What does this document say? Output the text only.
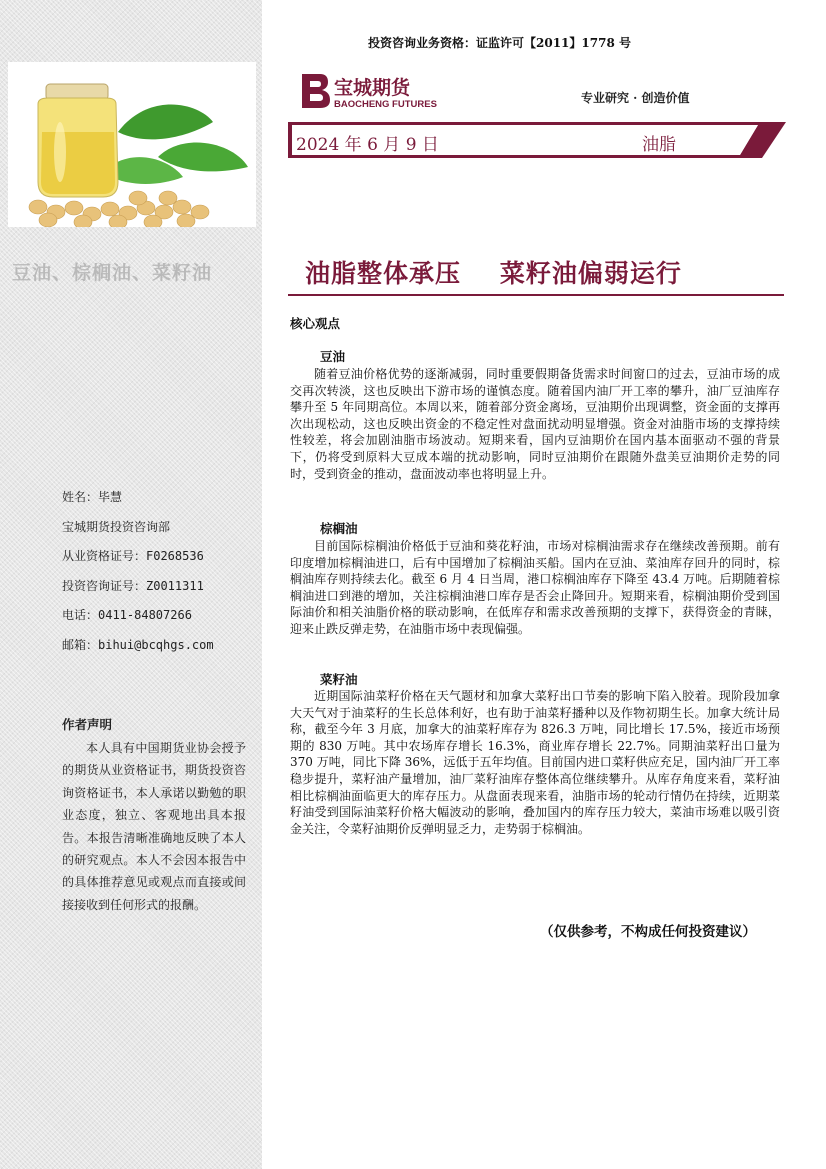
豆油、棕榈油、菜籽油
姓名：毕慧
宝城期货投资咨询部
从业资格证号：F0268536
投资咨询证号：Z0011311
电话：0411-84807266
邮箱：bihui@bcqhgs.com
作者声明
本人具有中国期货业协会授予的期货从业资格证书，期货投资咨询资格证书，本人承诺以勤勉的职业态度，独立、客观地出具本报告。本报告清晰准确地反映了本人的研究观点。本人不会因本报告中的具体推荐意见或观点而直接或间接接收到任何形式的报酬。
投资咨询业务资格：证监许可【2011】1778 号
宝城期货
BAOCHENG FUTURES	专业研究 · 创造价值
2024 年 6 月 9 日	油脂
油脂整体承压    菜籽油偏弱运行
核心观点
豆油
随着豆油价格优势的逐渐减弱，同时重要假期备货需求时间窗口的过去，豆油市场的成交再次转淡，这也反映出下游市场的谨慎态度。随着国内油厂开工率的攀升，油厂豆油库存攀升至 5 年同期高位。本周以来，随着部分资金离场，豆油期价出现调整，资金面的支撑再次出现松动，这也反映出资金的不稳定性对盘面扰动明显增强。资金对油脂市场的支撑持续性较差，将会加剧油脂市场波动。短期来看，国内豆油期价在国内基本面驱动不强的背景下，仍将受到原料大豆成本端的扰动影响，同时豆油期价在跟随外盘美豆油期价走势的同时，受到资金的推动，盘面波动率也将明显上升。
棕榈油
目前国际棕榈油价格低于豆油和葵花籽油，市场对棕榈油需求存在继续改善预期。前有印度增加棕榈油进口，后有中国增加了棕榈油买船。国内在豆油、菜油库存回升的同时，棕榈油库存则持续去化。截至 6 月 4 日当周，港口棕榈油库存下降至 43.4 万吨。后期随着棕榈油进口到港的增加，关注棕榈油港口库存是否会止降回升。短期来看，棕榈油期价受到国际油价和相关油脂价格的联动影响，在低库存和需求改善预期的支撑下，获得资金的青睐，迎来止跌反弹走势，在油脂市场中表现偏强。
菜籽油
近期国际油菜籽价格在天气题材和加拿大菜籽出口节奏的影响下陷入胶着。现阶段加拿大天气对于油菜籽的生长总体利好，也有助于油菜籽播种以及作物初期生长。加拿大统计局称，截至今年 3 月底，加拿大的油菜籽库存为 826.3 万吨，同比增长 17.5%，接近市场预期的 830 万吨。其中农场库存增长 16.3%，商业库存增长 22.7%。同期油菜籽出口量为 370 万吨，同比下降 36%，远低于五年均值。目前国内进口菜籽供应充足，国内油厂开工率稳步提升，菜籽油产量增加，油厂菜籽油库存整体高位继续攀升。从库存角度来看，菜籽油相比棕榈油面临更大的库存压力。从盘面表现来看，油脂市场的轮动行情仍在持续，近期菜籽油受到国际油菜籽价格大幅波动的影响，叠加国内的库存压力较大，菜油市场难以吸引资金关注，令菜籽油期价反弹明显乏力，走势弱于棕榈油。
（仅供参考，不构成任何投资建议）
